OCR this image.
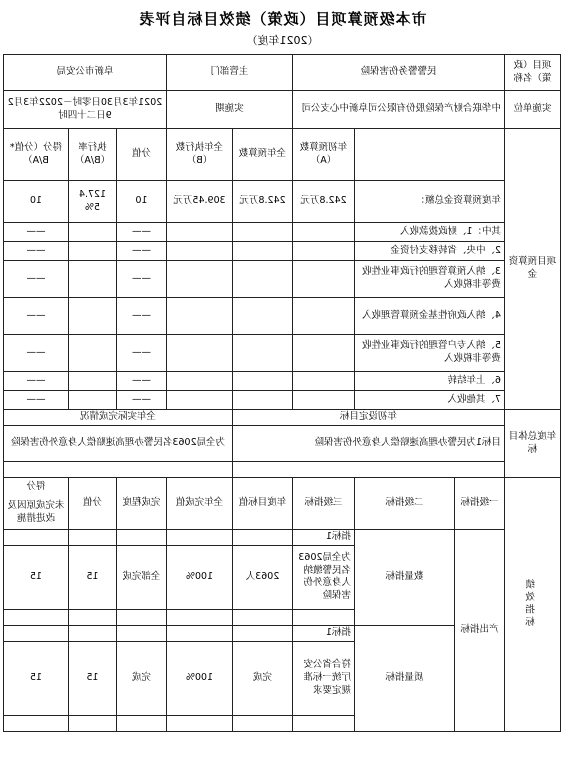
市本级预算项目（政策）绩效目标自评表
（2021年度）
项目（政策）名称	民警警务伤害保险			主管部门		阜新市公安局		
实施单位	中华联合财产保险股份有限公司阜新中心支公司			实施期		2021年3月30日零时－2022年3月29日二十四时		
项目预算资金			年初预算数（A）	全年预算数	全年执行数（B）	分值	执行率（B/A）	得分（分值*B/A）
	年度预算资金总额：		242.8万元	242.8万元	309.45万元	10	127.45%	10
	其中：1、财政拨款收入					——		——
	2、中央、省转移支付资金					——		——
	3、纳入预算管理的行政事业性收费等非税收入					——		——
	4、纳入政府性基金预算管理收入					——		——
	5、纳入专户管理的行政事业性收费等非税收入					——		——
	6、上年结转					——		——
	7、其他收入					——		——
年度总体目标	年初设定目标				全年实际完成情况			
	目标1为民警办理高速赔偿人身意外伤害保险				为全局2063名民警办理高速赔偿人身意外伤害保险			

绩效指标	一级指标	二级指标	三级指标	年度目标值	全年完成值	完成程度	分值	得分
未完成原因及改进措施

	产出指标	数量指标	指标1					
			为全局2063名民警缴纳人身意外伤害保险	2063人	100%	全部完成	15	15

		质量指标	指标1					
			符合省公安厅统一标准规定要求	完成	100%	完成	15	15
